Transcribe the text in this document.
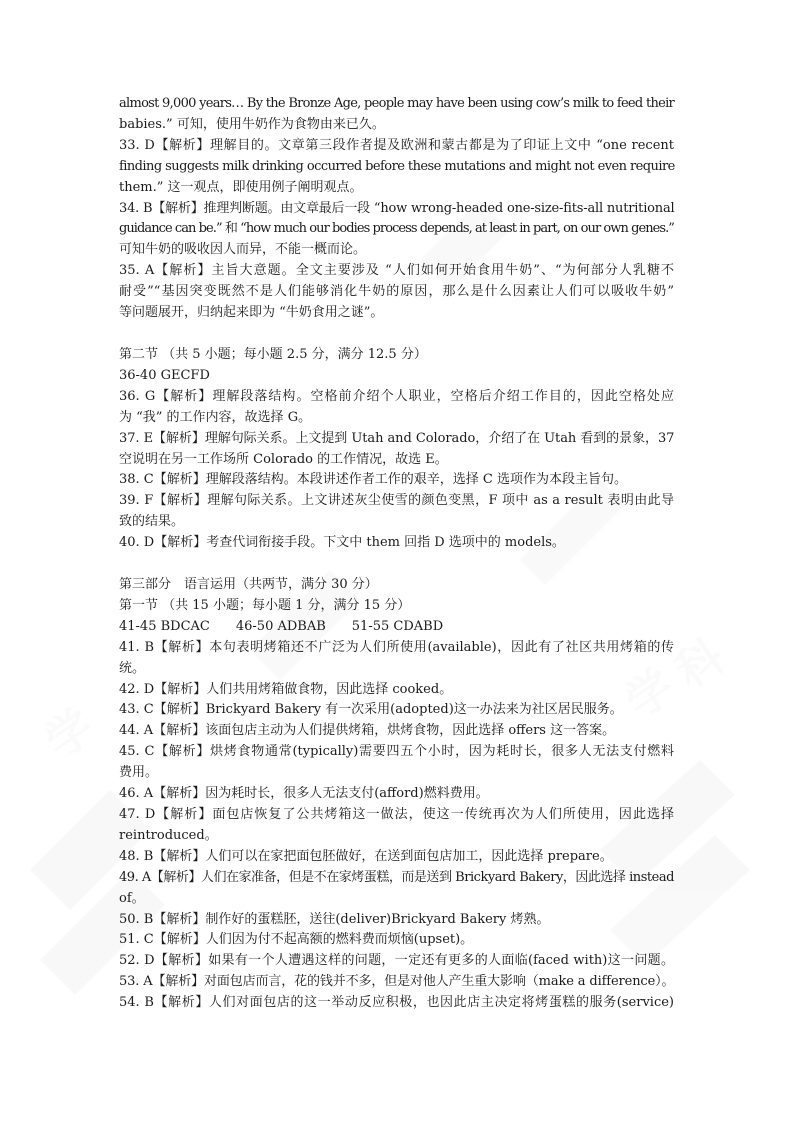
学
学
科
almost 9,000 years… By the Bronze Age, people may have been using cow’s milk to feed their
babies.” 可知，使用牛奶作为食物由来已久。
33. D【解析】理解目的。文章第三段作者提及欧洲和蒙古都是为了印证上文中 “one recent
finding suggests milk drinking occurred before these mutations and might not even require
them.” 这一观点，即使用例子阐明观点。
34. B【解析】推理判断题。由文章最后一段 “how wrong-headed one-size-fits-all nutritional
guidance can be.” 和 “how much our bodies process depends, at least in part, on our own genes.”
可知牛奶的吸收因人而异，不能一概而论。
35. A【解析】主旨大意题。全文主要涉及 “人们如何开始食用牛奶”、“为何部分人乳糖不
耐受”“基因突变既然不是人们能够消化牛奶的原因，那么是什么因素让人们可以吸收牛奶”
等问题展开，归纳起来即为 “牛奶食用之谜”。
第二节 （共 5 小题；每小题 2.5 分，满分 12.5 分）
36-40 GECFD
36. G【解析】理解段落结构。空格前介绍个人职业，空格后介绍工作目的，因此空格处应
为 “我” 的工作内容，故选择 G。
37. E【解析】理解句际关系。上文提到 Utah and Colorado，介绍了在 Utah 看到的景象，37
空说明在另一工作场所 Colorado 的工作情况，故选 E。
38. C【解析】理解段落结构。本段讲述作者工作的艰辛，选择 C 选项作为本段主旨句。
39. F【解析】理解句际关系。上文讲述灰尘使雪的颜色变黑，F 项中 as a result 表明由此导
致的结果。
40. D【解析】考查代词衔接手段。下文中 them 回指 D 选项中的 models。
第三部分　语言运用（共两节，满分 30 分）
第一节 （共 15 小题；每小题 1 分，满分 15 分）
41-45 BDCAC　　46-50 ADBAB　　51-55 CDABD
41. B【解析】本句表明烤箱还不广泛为人们所使用(available)，因此有了社区共用烤箱的传
统。
42. D【解析】人们共用烤箱做食物，因此选择 cooked。
43. C【解析】Brickyard Bakery 有一次采用(adopted)这一办法来为社区居民服务。
44. A【解析】该面包店主动为人们提供烤箱，烘烤食物，因此选择 offers 这一答案。
45. C【解析】烘烤食物通常(typically)需要四五个小时，因为耗时长，很多人无法支付燃料
费用。
46. A【解析】因为耗时长，很多人无法支付(afford)燃料费用。
47. D【解析】面包店恢复了公共烤箱这一做法，使这一传统再次为人们所使用，因此选择
reintroduced。
48. B【解析】人们可以在家把面包胚做好，在送到面包店加工，因此选择 prepare。
49. A【解析】人们在家准备，但是不在家烤蛋糕，而是送到 Brickyard Bakery，因此选择 instead
of。
50. B【解析】制作好的蛋糕胚，送往(deliver)Brickyard Bakery 烤熟。
51. C【解析】人们因为付不起高额的燃料费而烦恼(upset)。
52. D【解析】如果有一个人遭遇这样的问题，一定还有更多的人面临(faced with)这一问题。
53. A【解析】对面包店而言，花的钱并不多，但是对他人产生重大影响（make a difference）。
54. B【解析】人们对面包店的这一举动反应积极，也因此店主决定将烤蛋糕的服务(service)
